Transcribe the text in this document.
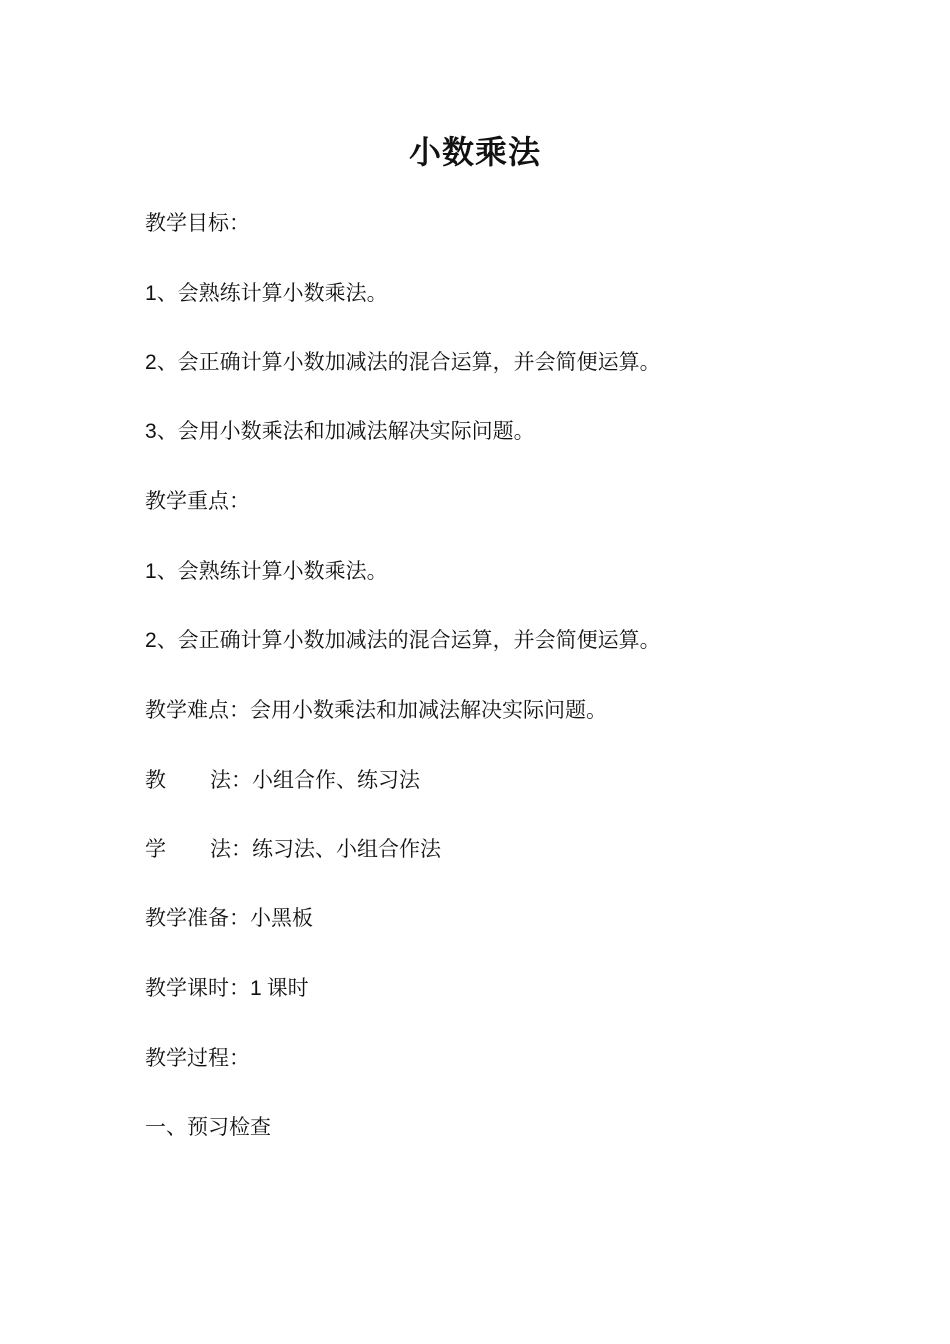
小数乘法
教学目标：
1、会熟练计算小数乘法。
2、会正确计算小数加减法的混合运算，并会简便运算。
3、会用小数乘法和加减法解决实际问题。
教学重点：
1、会熟练计算小数乘法。
2、会正确计算小数加减法的混合运算，并会简便运算。
教学难点：会用小数乘法和加减法解决实际问题。
教 法：小组合作、练习法
学 法：练习法、小组合作法
教学准备：小黑板
教学课时：1 课时
教学过程：
一、预习检查
